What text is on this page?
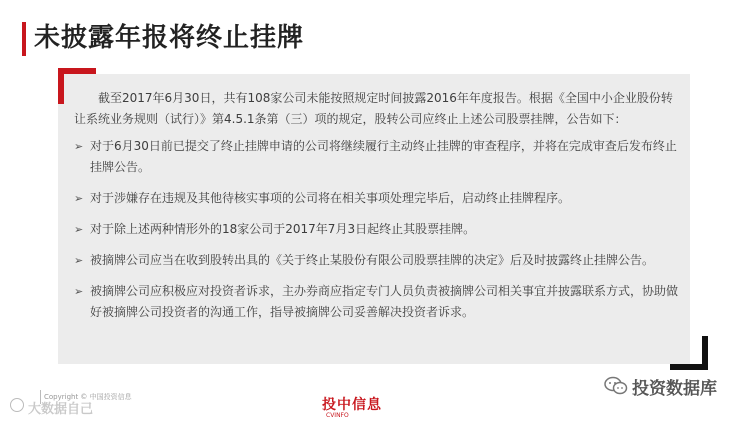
未披露年报将终止挂牌

截至2017年6月30日，共有108家公司未能按照规定时间披露2016年年度报告。根据《全国中小企业股份转让系统业务规则（试行）》第4.5.1条第（三）项的规定，股转公司应终止上述公司股票挂牌，公告如下：

➢ 对于6月30日前已提交了终止挂牌申请的公司将继续履行主动终止挂牌的审查程序，并将在完成审查后发布终止挂牌公告。
➢ 对于涉嫌存在违规及其他待核实事项的公司将在相关事项处理完毕后，启动终止挂牌程序。
➢ 对于除上述两种情形外的18家公司于2017年7月3日起终止其股票挂牌。
➢ 被摘牌公司应当在收到股转出具的《关于终止某股份有限公司股票挂牌的决定》后及时披露终止挂牌公告。
➢ 被摘牌公司应积极应对投资者诉求，主办券商应指定专门人员负责被摘牌公司相关事宜并披露联系方式，协助做好被摘牌公司投资者的沟通工作，指导被摘牌公司妥善解决投资者诉求。
Copyright © 中国投资信息
大数据自己	投中信息
CVINFO
投资数据库
